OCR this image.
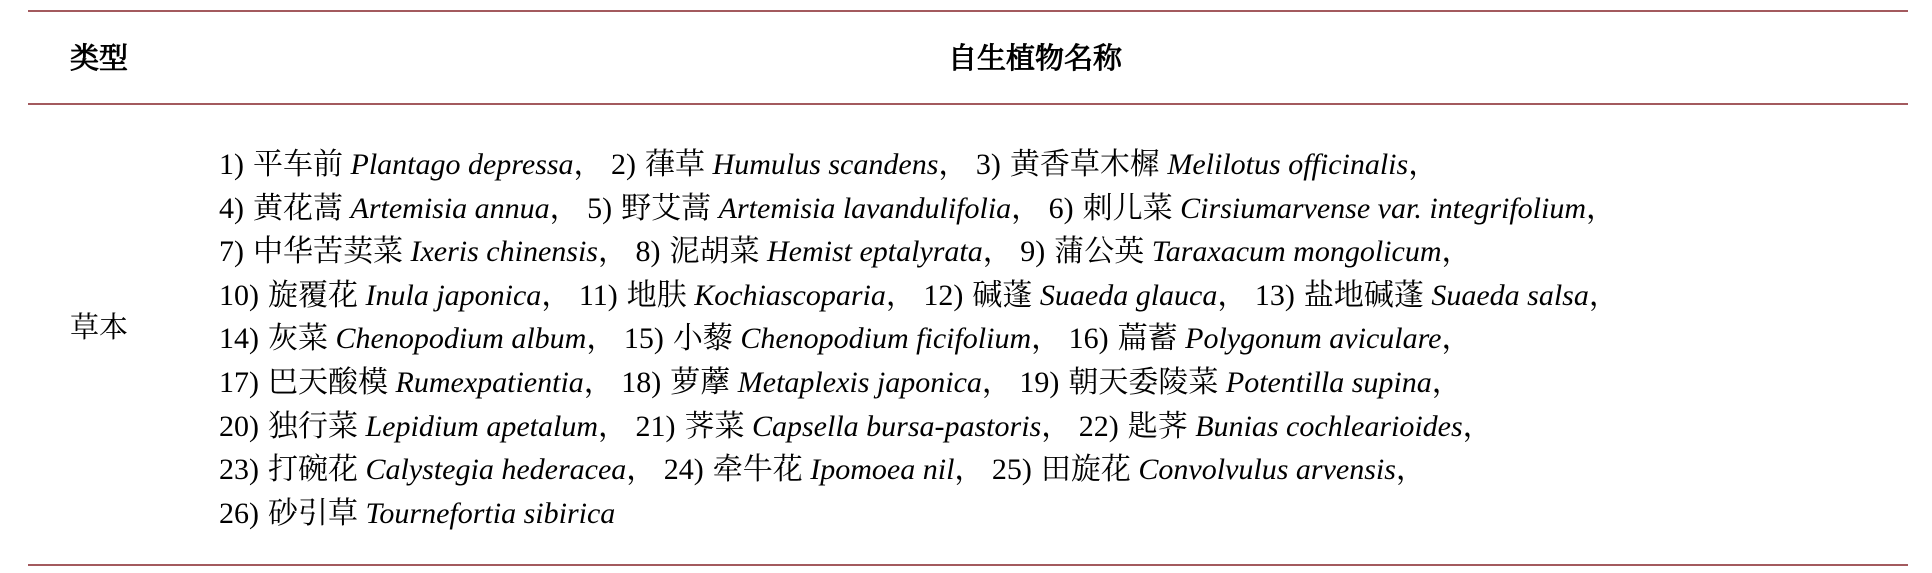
类型	自生植物名称
草本
1) 平车前 Plantago depressa， 2) 葎草 Humulus scandens， 3) 黄香草木樨 Melilotus officinalis，
4) 黄花蒿 Artemisia annua， 5) 野艾蒿 Artemisia lavandulifolia， 6) 刺儿菜 Cirsiumarvense var. integrifolium，
7) 中华苦荬菜 Ixeris chinensis， 8) 泥胡菜 Hemist eptalyrata， 9) 蒲公英 Taraxacum mongolicum，
10) 旋覆花 Inula japonica， 11) 地肤 Kochiascoparia， 12) 碱蓬 Suaeda glauca， 13) 盐地碱蓬 Suaeda salsa，
14) 灰菜 Chenopodium album， 15) 小藜 Chenopodium ficifolium， 16) 萹蓄 Polygonum aviculare，
17) 巴天酸模 Rumexpatientia， 18) 萝藦 Metaplexis japonica， 19) 朝天委陵菜 Potentilla supina，
20) 独行菜 Lepidium apetalum， 21) 荠菜 Capsella bursa-pastoris， 22) 匙荠 Bunias cochlearioides，
23) 打碗花 Calystegia hederacea， 24) 牵牛花 Ipomoea nil， 25) 田旋花 Convolvulus arvensis，
26) 砂引草 Tournefortia sibirica
